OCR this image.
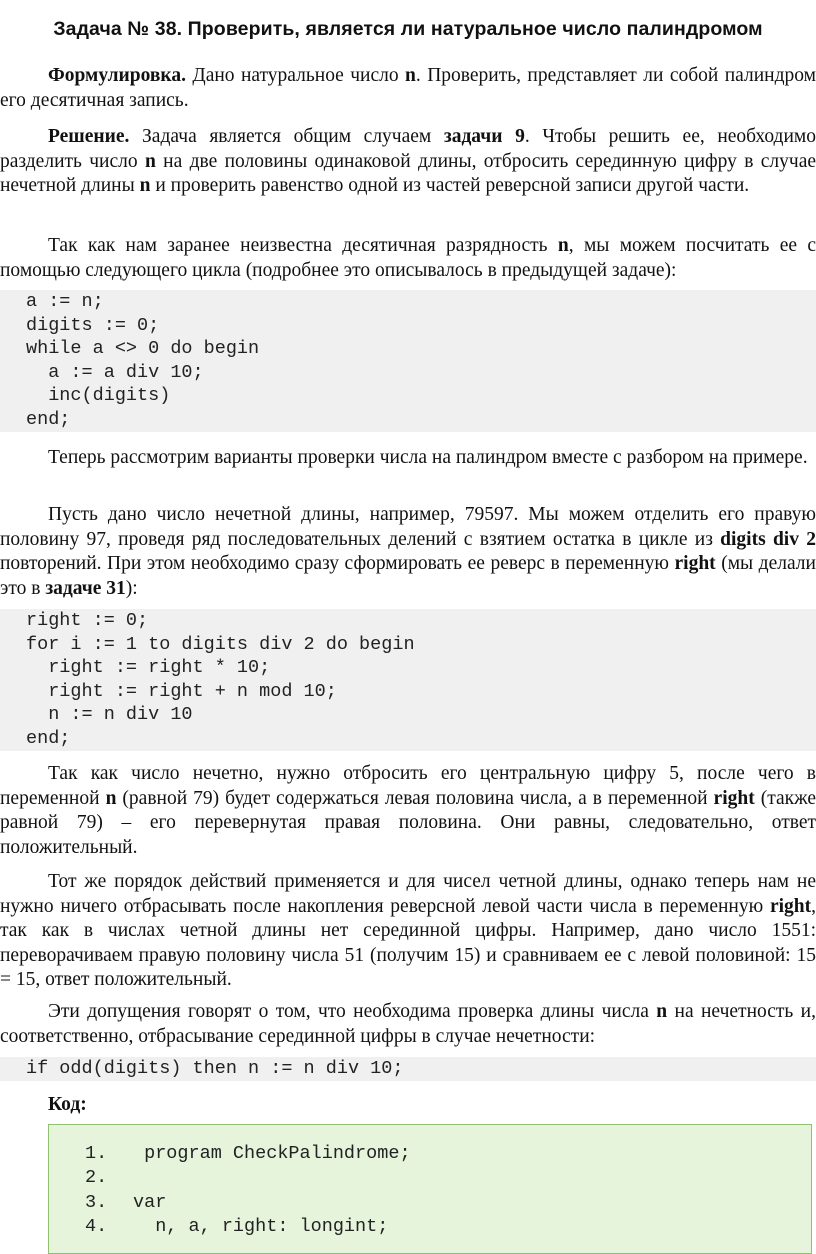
Задача № 38. Проверить, является ли натуральное число палиндромом

Формулировка. Дано натуральное число n. Проверить, представляет ли собой палиндром его десятичная запись.

Решение. Задача является общим случаем задачи 9. Чтобы решить ее, необходимо разделить число n на две половины одинаковой длины, отбросить серединную цифру в случае нечетной длины n и проверить равенство одной из частей реверсной записи другой части.

Так как нам заранее неизвестна десятичная разрядность n, мы можем посчитать ее с помощью следующего цикла (подробнее это описывалось в предыдущей задаче):

a := n;
digits := 0;
while a <> 0 do begin
a := a div 10;
inc(digits)
end;

Теперь рассмотрим варианты проверки числа на палиндром вместе с разбором на примере.

Пусть дано число нечетной длины, например, 79597. Мы можем отделить его правую половину 97, проведя ряд последовательных делений с взятием остатка в цикле из digits div 2 повторений. При этом необходимо сразу сформировать ее реверс в переменную right (мы делали это в задаче 31):

right := 0;
for i := 1 to digits div 2 do begin
right := right * 10;
right := right + n mod 10;
n := n div 10
end;

Так как число нечетно, нужно отбросить его центральную цифру 5, после чего в переменной n (равной 79) будет содержаться левая половина числа, а в переменной right (также равной 79) – его перевернутая правая половина. Они равны, следовательно, ответ положительный.

Тот же порядок действий применяется и для чисел четной длины, однако теперь нам не нужно ничего отбрасывать после накопления реверсной левой части числа в переменную right, так как в числах четной длины нет серединной цифры. Например, дано число 1551: переворачиваем правую половину числа 51 (получим 15) и сравниваем ее с левой половиной: 15 = 15, ответ положительный.

Эти допущения говорят о том, что необходима проверка длины числа n на нечетность и, соответственно, отбрасывание серединной цифры в случае нечетности:

if odd(digits) then n := n div 10;

Код:

1. program CheckPalindrome;
2.
3. var
4. n, a, right: longint;
